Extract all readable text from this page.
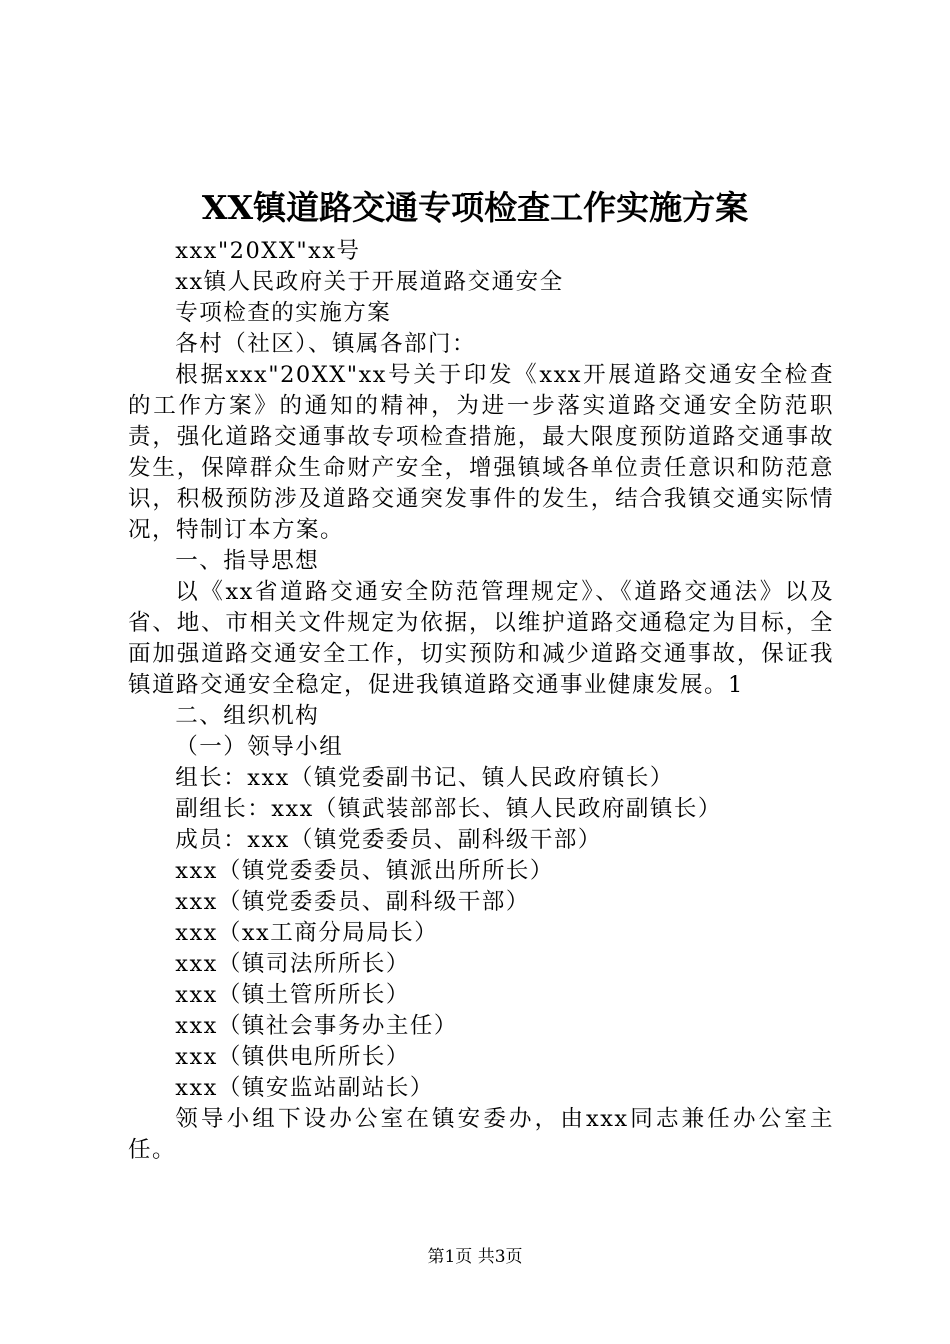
XX镇道路交通专项检查工作实施方案

xxx"20XX"xx号

xx镇人民政府关于开展道路交通安全

专项检查的实施方案

各村（社区）、镇属各部门：

根据xxx"20XX"xx号关于印发《xxx开展道路交通安全检查的工作方案》的通知的精神，为进一步落实道路交通安全防范职责，强化道路交通事故专项检查措施，最大限度预防道路交通事故发生，保障群众生命财产安全，增强镇域各单位责任意识和防范意识，积极预防涉及道路交通突发事件的发生，结合我镇交通实际情况，特制订本方案。

一、指导思想

以《xx省道路交通安全防范管理规定》、《道路交通法》以及省、地、市相关文件规定为依据，以维护道路交通稳定为目标，全面加强道路交通安全工作，切实预防和减少道路交通事故，保证我镇道路交通安全稳定，促进我镇道路交通事业健康发展。1

二、组织机构

（一）领导小组

组长：xxx（镇党委副书记、镇人民政府镇长）

副组长：xxx（镇武装部部长、镇人民政府副镇长）

成员：xxx（镇党委委员、副科级干部）

xxx（镇党委委员、镇派出所所长）

xxx（镇党委委员、副科级干部）

xxx（xx工商分局局长）

xxx（镇司法所所长）

xxx（镇土管所所长）

xxx（镇社会事务办主任）

xxx（镇供电所所长）

xxx（镇安监站副站长）

领导小组下设办公室在镇安委办，由xxx同志兼任办公室主任。

第1页 共3页
